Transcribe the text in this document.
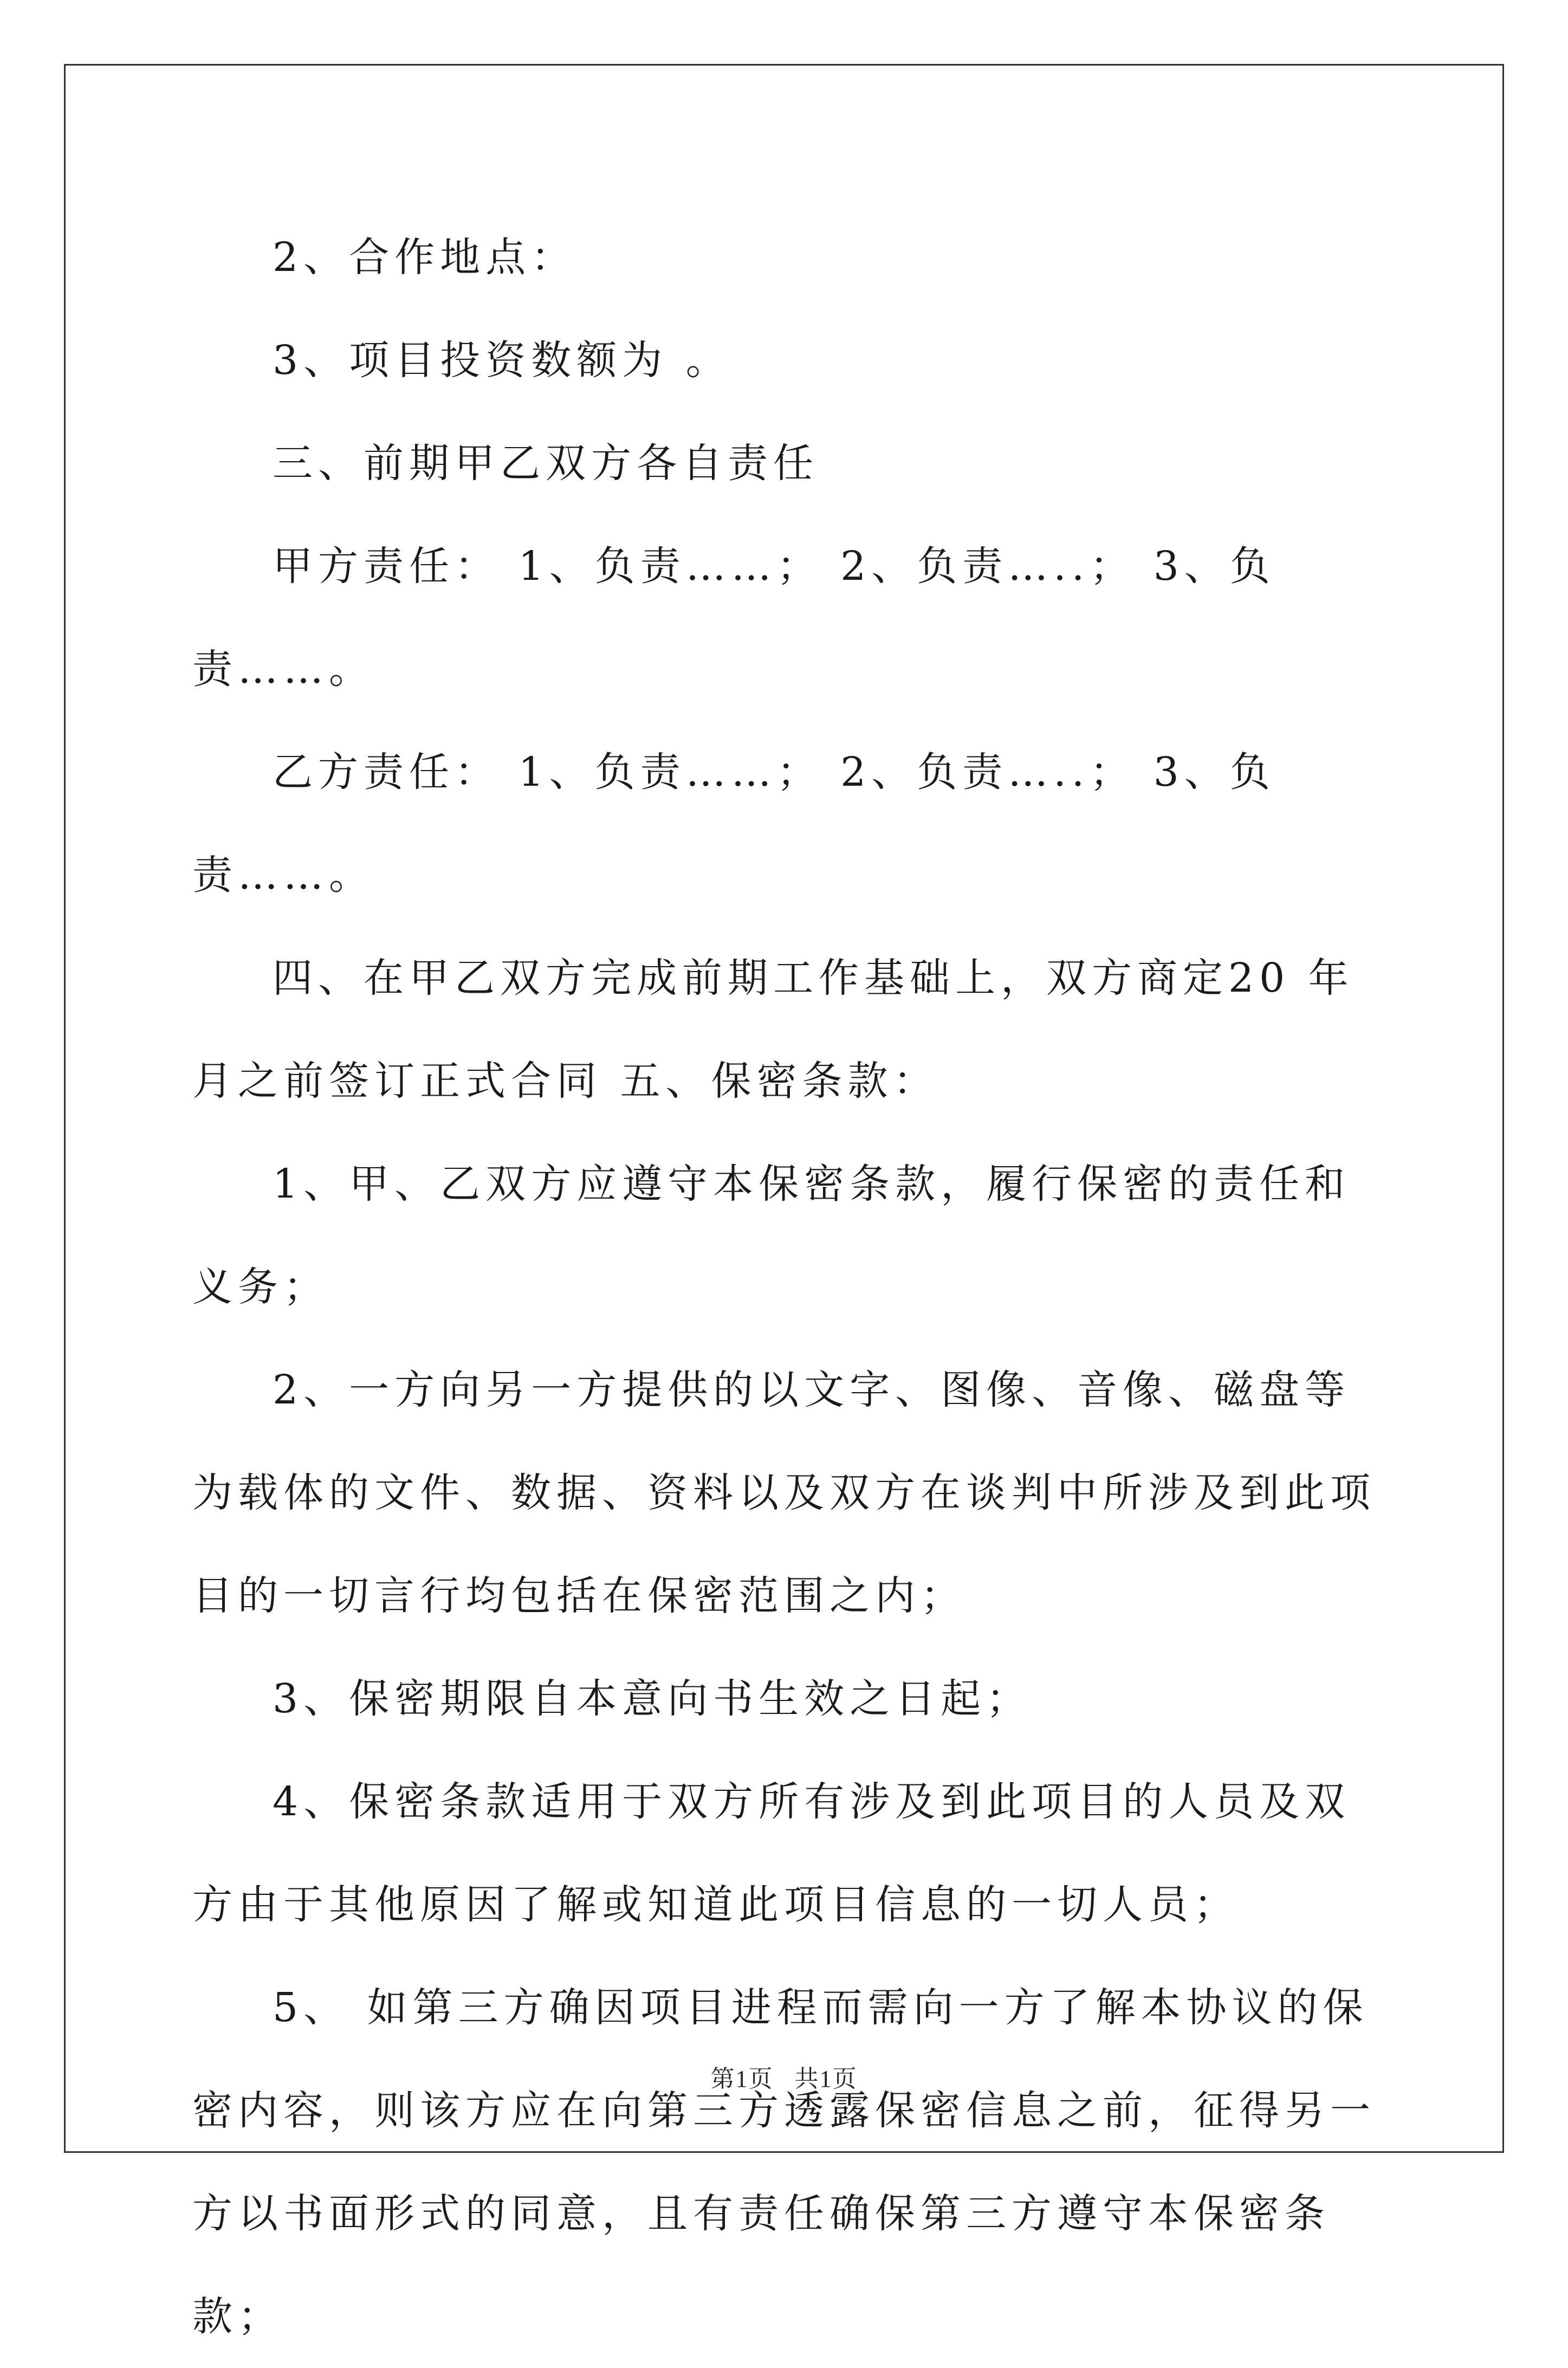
2、合作地点：

3、项目投资数额为 。

三、前期甲乙双方各自责任

甲方责任： 1、负责……； 2、负责…..； 3、负责……。

乙方责任： 1、负责……； 2、负责…..； 3、负责……。

四、在甲乙双方完成前期工作基础上，双方商定20 年 月之前签订正式合同 五、保密条款：

1、甲、乙双方应遵守本保密条款，履行保密的责任和义务；

2、一方向另一方提供的以文字、图像、音像、磁盘等为载体的文件、数据、资料以及双方在谈判中所涉及到此项目的一切言行均包括在保密范围之内；

3、保密期限自本意向书生效之日起；

4、保密条款适用于双方所有涉及到此项目的人员及双方由于其他原因了解或知道此项目信息的一切人员；

5、 如第三方确因项目进程而需向一方了解本协议的保密内容，则该方应在向第三方透露保密信息之前，征得另一方以书面形式的同意，且有责任确保第三方遵守本保密条款；

第1页   共1页
